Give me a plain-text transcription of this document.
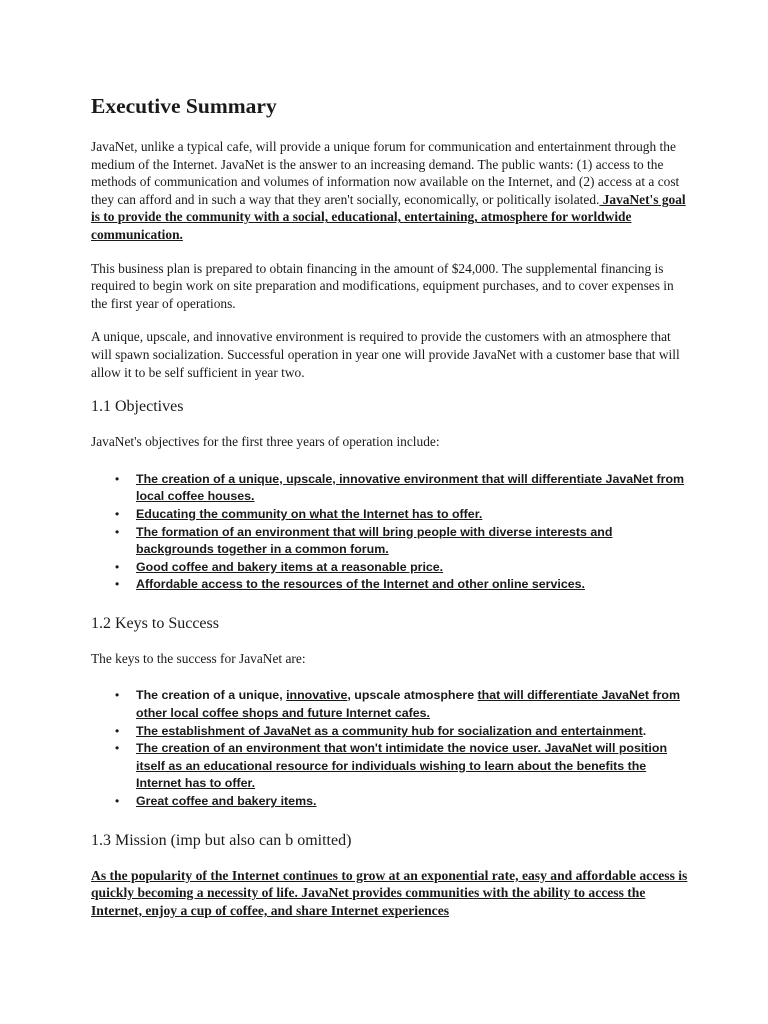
Executive Summary

JavaNet, unlike a typical cafe, will provide a unique forum for communication and entertainment through the medium of the Internet. JavaNet is the answer to an increasing demand. The public wants: (1) access to the methods of communication and volumes of information now available on the Internet, and (2) access at a cost they can afford and in such a way that they aren't socially, economically, or politically isolated. JavaNet's goal is to provide the community with a social, educational, entertaining, atmosphere for worldwide communication.

This business plan is prepared to obtain financing in the amount of $24,000. The supplemental financing is required to begin work on site preparation and modifications, equipment purchases, and to cover expenses in the first year of operations.

A unique, upscale, and innovative environment is required to provide the customers with an atmosphere that will spawn socialization. Successful operation in year one will provide JavaNet with a customer base that will allow it to be self sufficient in year two.

1.1 Objectives

JavaNet's objectives for the first three years of operation include:

• The creation of a unique, upscale, innovative environment that will differentiate JavaNet from local coffee houses.
• Educating the community on what the Internet has to offer.
• The formation of an environment that will bring people with diverse interests and backgrounds together in a common forum.
• Good coffee and bakery items at a reasonable price.
• Affordable access to the resources of the Internet and other online services.
1.2 Keys to Success

The keys to the success for JavaNet are:

• The creation of a unique, innovative, upscale atmosphere that will differentiate JavaNet from other local coffee shops and future Internet cafes.
• The establishment of JavaNet as a community hub for socialization and entertainment.
• The creation of an environment that won't intimidate the novice user. JavaNet will position itself as an educational resource for individuals wishing to learn about the benefits the Internet has to offer.
• Great coffee and bakery items.
1.3 Mission (imp but also can b omitted)

As the popularity of the Internet continues to grow at an exponential rate, easy and affordable access is quickly becoming a necessity of life. JavaNet provides communities with the ability to access the Internet, enjoy a cup of coffee, and share Internet experiences
